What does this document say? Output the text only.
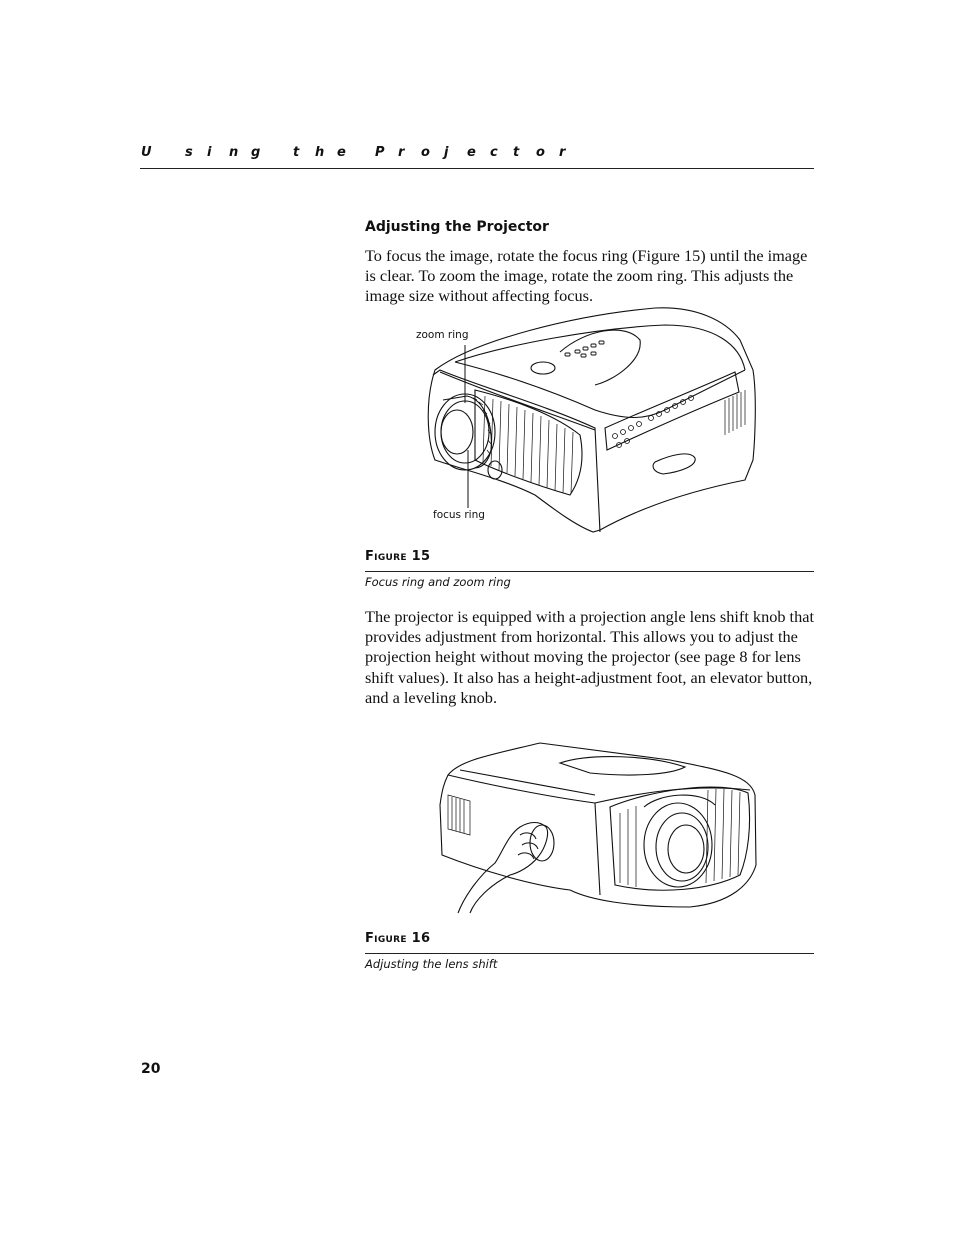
U	s i n g	t h e P r o j e c t o r
Adjusting the Projector

To focus the image, rotate the focus ring (Figure 15) until the image is clear. To zoom the image, rotate the zoom ring. This adjusts the image size without affecting focus.

zoom ring
focus ring
Figure 15
Focus ring and zoom ring

The projector is equipped with a projection angle lens shift knob that provides adjustment from horizontal. This allows you to adjust the projection height without moving the projector (see page 8 for lens shift values). It also has a height-adjustment foot, an elevator button, and a leveling knob.

Figure 16
Adjusting the lens shift
20
